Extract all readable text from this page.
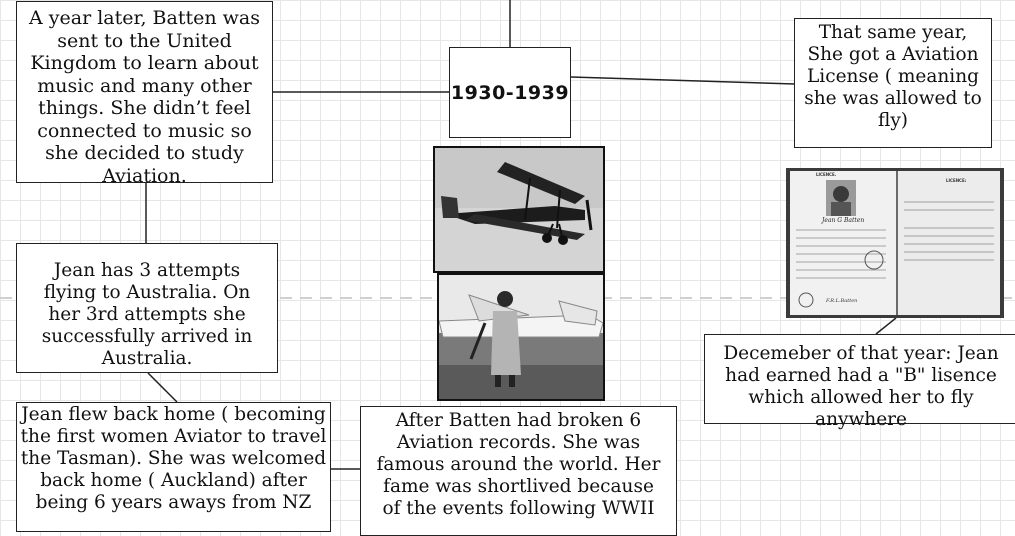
A year later, Batten was sent to the United Kingdom to learn about music and many other things. She didn’t feel connected to music so she decided to study Aviation.
That same year, She got a Aviation License ( meaning she was allowed to fly)
Jean has 3 attempts flying to Australia. On her 3rd attempts she successfully arrived in Australia.	Decemeber of that year: Jean had earned had a "B" lisence which allowed her to fly anywhere
Jean flew back home ( becoming the first women Aviator to travel the Tasman). She was welcomed back home ( Auckland) after being 6 years aways from NZ
After Batten had broken 6 Aviation records. She was famous around the world. Her fame was shortlived because of the events following WWII
1930-1939
LICENCE.
LICENCE:
Jean G Batten
F.R.L.Batten
